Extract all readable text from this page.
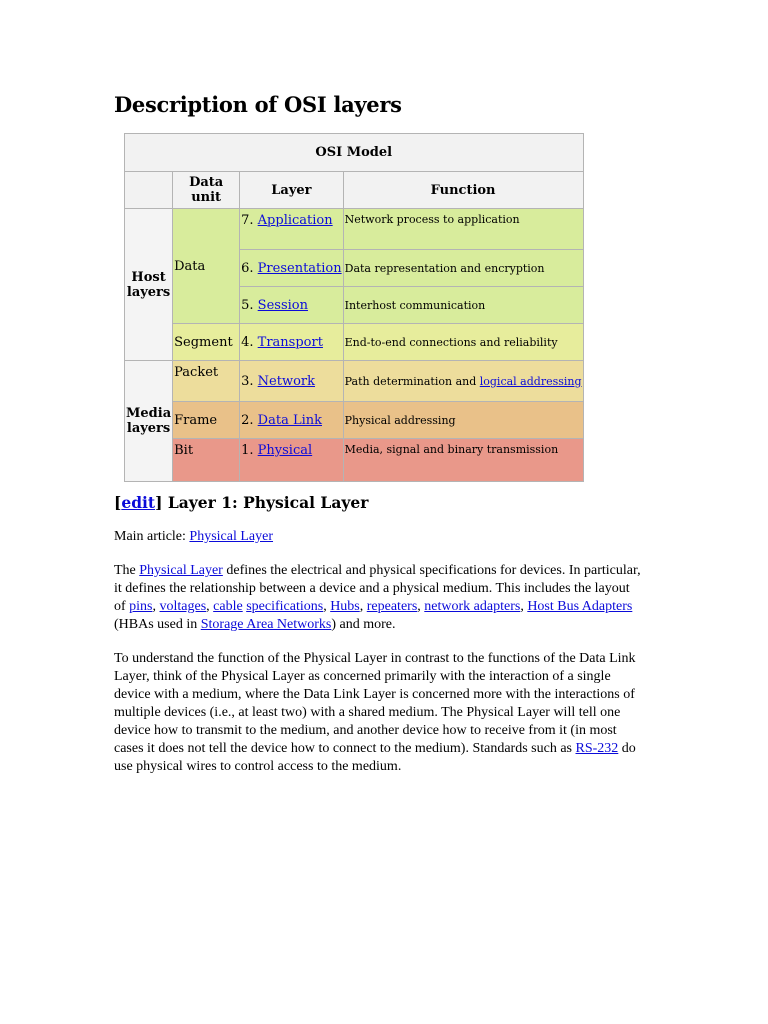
Description of OSI layers
OSI Model			
	Data unit	Layer	Function
Host layers	Data	7. Application	Network process to application
		6. Presentation	Data representation and encryption
		5. Session	Interhost communication
	Segment	4. Transport	End-to-end connections and reliability
Media layers	Packet	3. Network	Path determination and logical addressing
	Frame	2. Data Link	Physical addressing
	Bit	1. Physical	Media, signal and binary transmission
[edit] Layer 1: Physical Layer

Main article: Physical Layer

The Physical Layer defines the electrical and physical specifications for devices. In particular, it defines the relationship between a device and a physical medium. This includes the layout of pins, voltages, cable specifications, Hubs, repeaters, network adapters, Host Bus Adapters (HBAs used in Storage Area Networks) and more.

To understand the function of the Physical Layer in contrast to the functions of the Data Link Layer, think of the Physical Layer as concerned primarily with the interaction of a single device with a medium, where the Data Link Layer is concerned more with the interactions of multiple devices (i.e., at least two) with a shared medium. The Physical Layer will tell one device how to transmit to the medium, and another device how to receive from it (in most cases it does not tell the device how to connect to the medium). Standards such as RS-232 do use physical wires to control access to the medium.
